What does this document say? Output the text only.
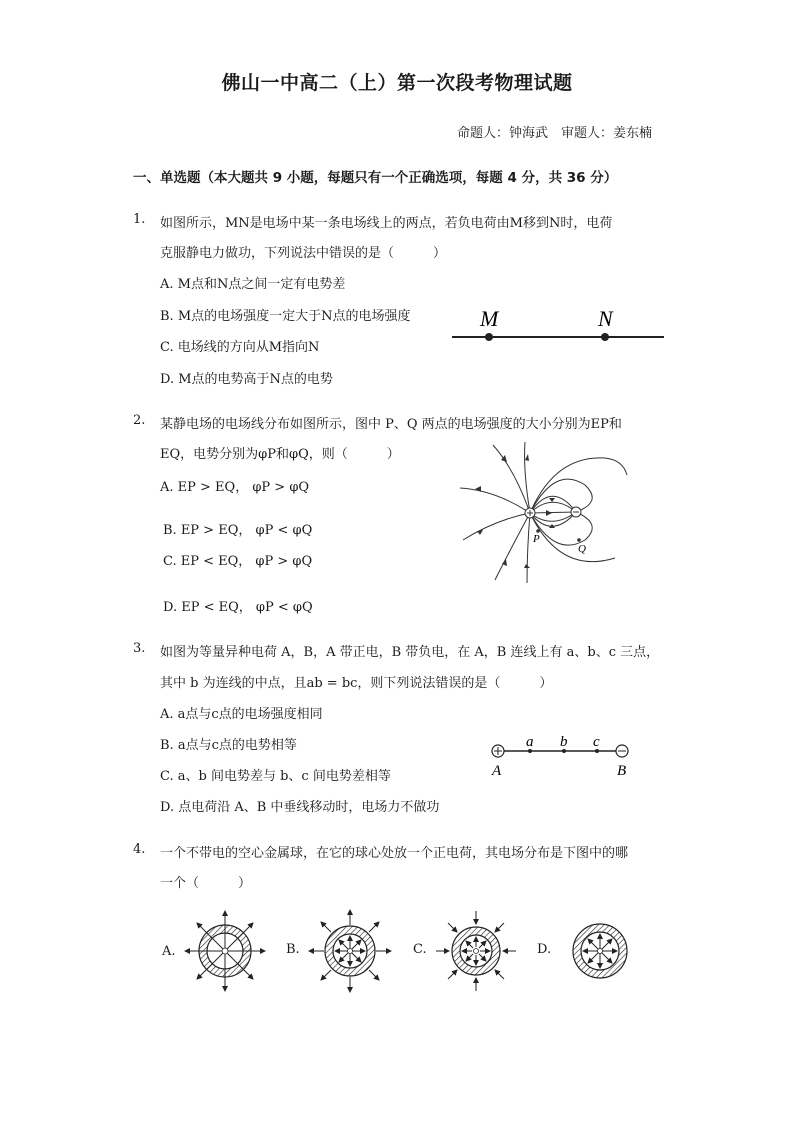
佛山一中高二（上）第一次段考物理试题
命题人：钟海武　审题人：姜东楠
一、单选题（本大题共 9 小题，每题只有一个正确选项，每题 4 分，共 36 分）
1. 如图所示，MN是电场中某一条电场线上的两点，若负电荷由M移到N时，电荷
克服静电力做功，下列说法中错误的是（　　　）
A. M点和N点之间一定有电势差
B. M点的电场强度一定大于N点的电场强度
C. 电场线的方向从M指向N
D. M点的电势高于N点的电势
M	N
2. 某静电场的电场线分布如图所示，图中 P、Q 两点的电场强度的大小分别为EP和
EQ，电势分别为φP和φQ，则（　　　）
A. EP > EQ， φP > φQ
B. EP > EQ， φP < φQ
C. EP < EQ， φP > φQ
D. EP < EQ， φP < φQ
P
Q
3. 如图为等量异种电荷 A，B，A 带正电，B 带负电，在 A，B 连线上有 a、b、c 三点，
其中 b 为连线的中点，且ab = bc，则下列说法错误的是（　　　）
A. a点与c点的电场强度相同
B. a点与c点的电势相等
C. a、b 间电势差与 b、c 间电势差相等
D. 点电荷沿 A、B 中垂线移动时，电场力不做功
a b c
A	B
4. 一个不带电的空心金属球，在它的球心处放一个正电荷，其电场分布是下图中的哪
一个（　　　）
A.	B.	C.	D.
